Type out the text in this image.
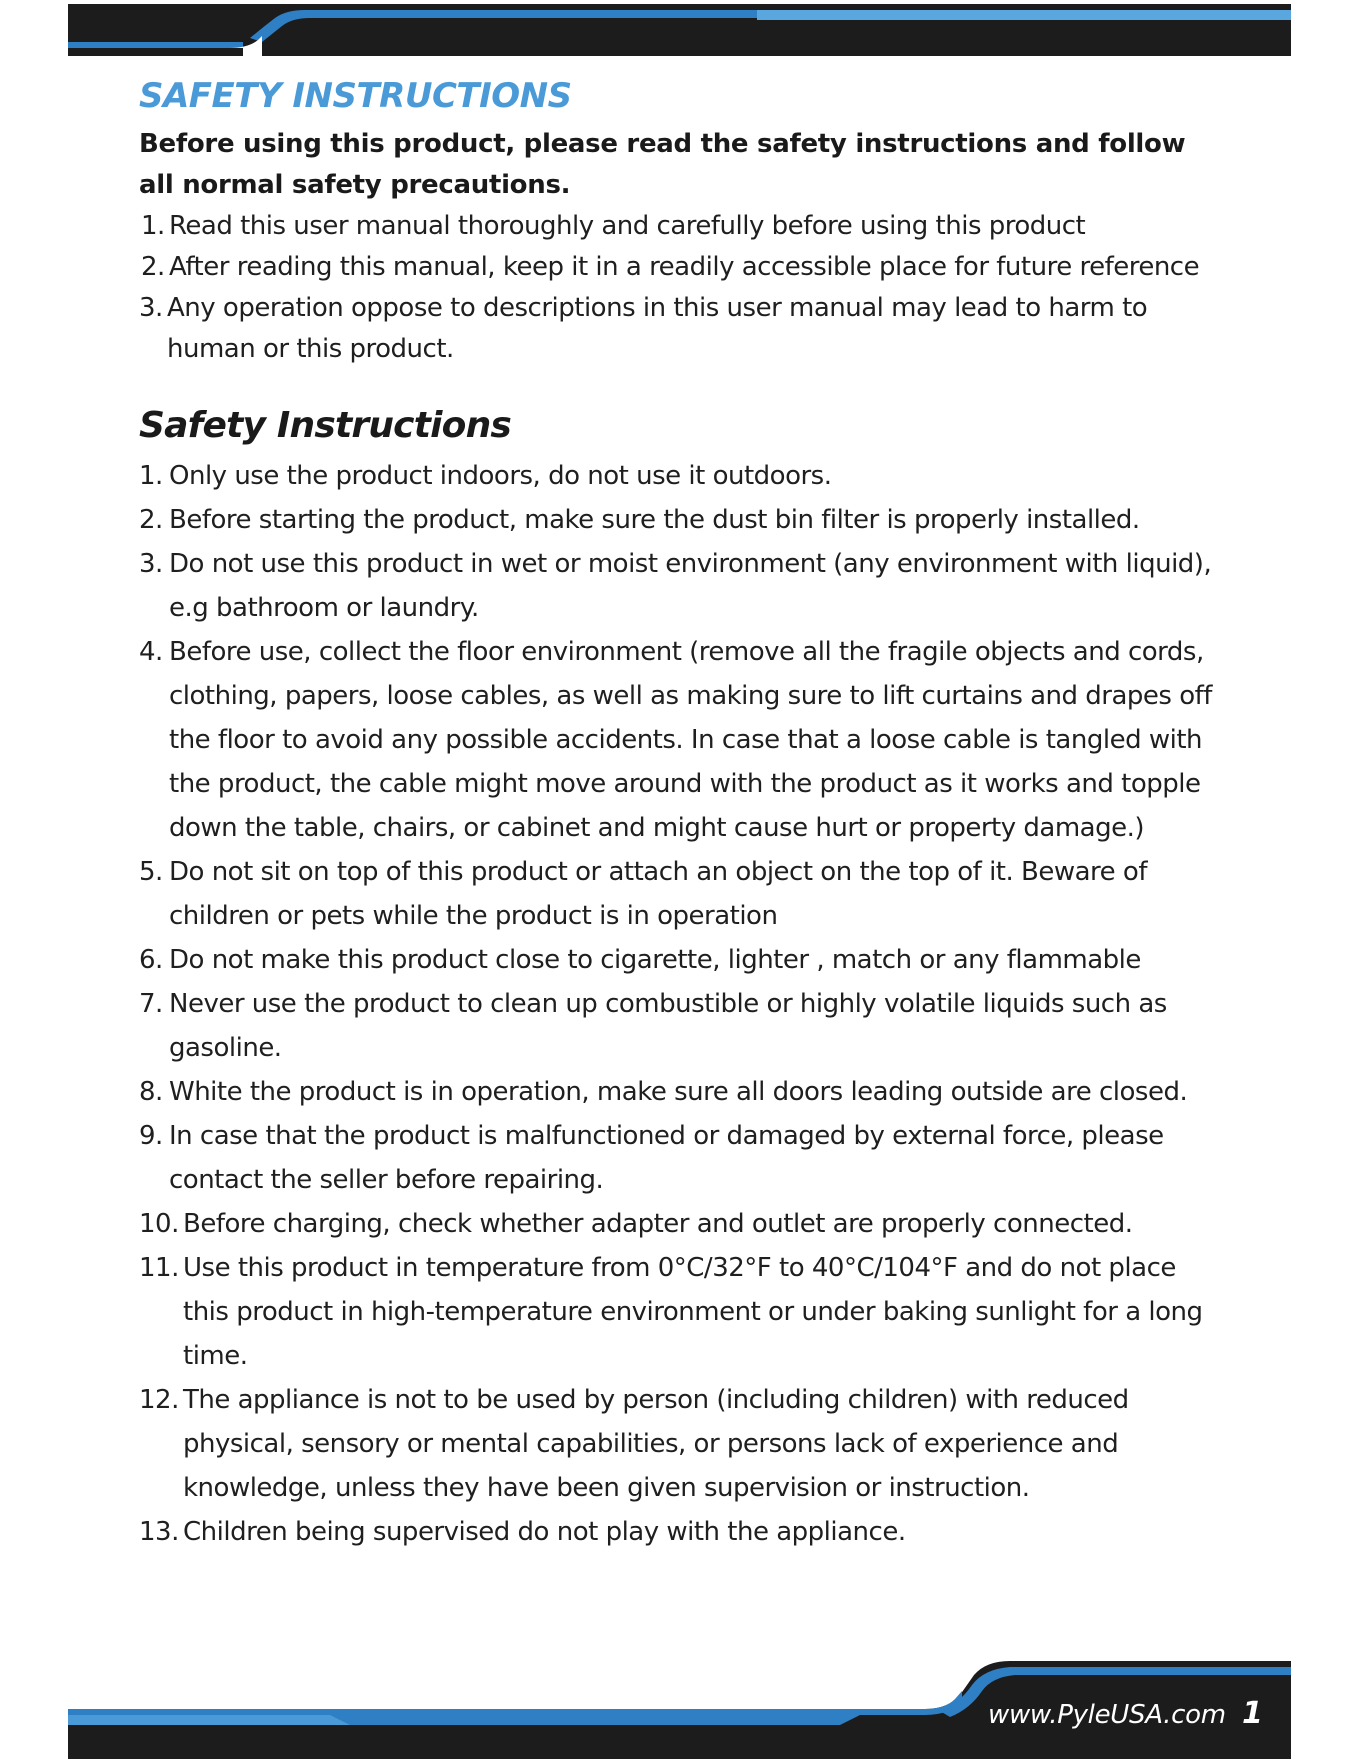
SAFETY INSTRUCTIONS

Before using this product, please read the safety instructions and follow all normal safety precautions.

1. Read this user manual thoroughly and carefully before using this product
2. After reading this manual, keep it in a readily accessible place for future reference
3. Any operation oppose to descriptions in this user manual may lead to harm to human or this product.
Safety Instructions
1. Only use the product indoors, do not use it outdoors.
2. Before starting the product, make sure the dust bin filter is properly installed.
3. Do not use this product in wet or moist environment (any environment with liquid), e.g bathroom or laundry.
4. Before use, collect the floor environment (remove all the fragile objects and cords, clothing, papers, loose cables, as well as making sure to lift curtains and drapes off the floor to avoid any possible accidents. In case that a loose cable is tangled with the product, the cable might move around with the product as it works and topple down the table, chairs, or cabinet and might cause hurt or property damage.)
5. Do not sit on top of this product or attach an object on the top of it. Beware of children or pets while the product is in operation
6. Do not make this product close to cigarette, lighter , match or any flammable
7. Never use the product to clean up combustible or highly volatile liquids such as gasoline.
8. White the product is in operation, make sure all doors leading outside are closed.
9. In case that the product is malfunctioned or damaged by external force, please contact the seller before repairing.
10. Before charging, check whether adapter and outlet are properly connected.
11. Use this product in temperature from 0°C/32°F to 40°C/104°F and do not place this product in high-temperature environment or under baking sunlight for a long time.
12. The appliance is not to be used by person (including children) with reduced physical, sensory or mental capabilities, or persons lack of experience and knowledge, unless they have been given supervision or instruction.
13. Children being supervised do not play with the appliance.
www.PyleUSA.com 1
